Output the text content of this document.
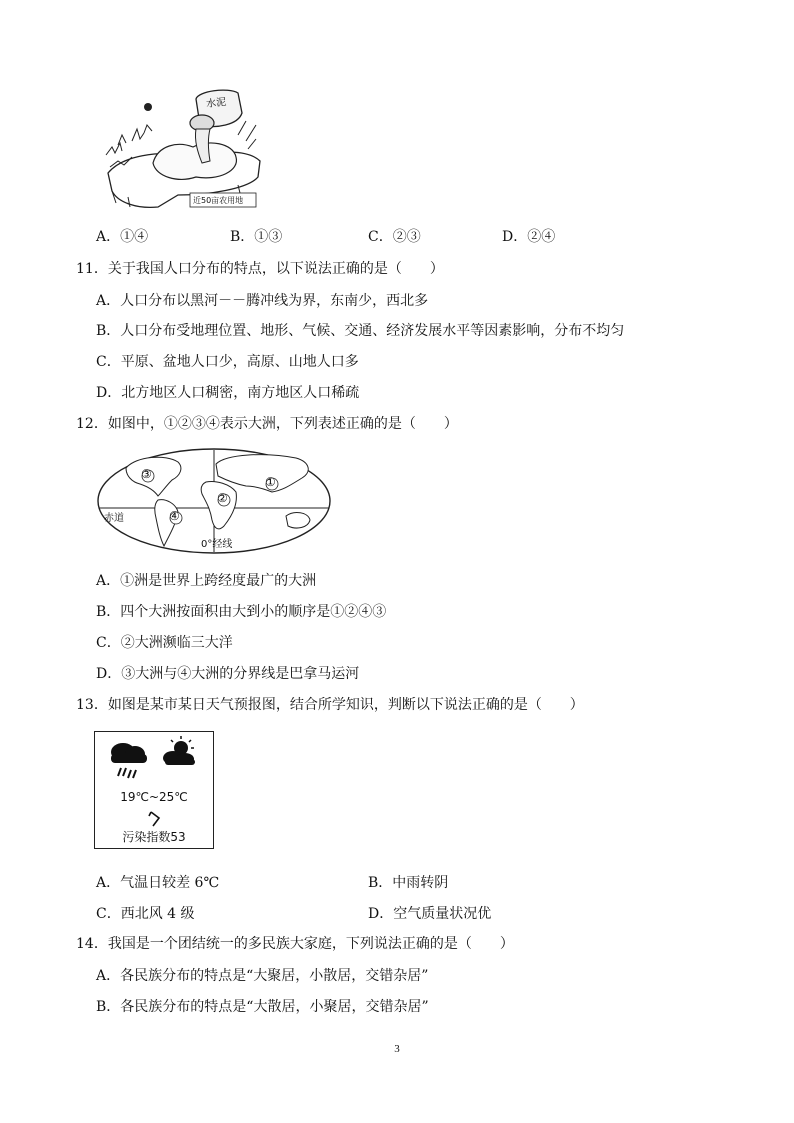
水泥
近50亩农用地
A．①④	B．①③	C．②③	D．②④
11．关于我国人口分布的特点，以下说法正确的是（　　）
A．人口分布以黑河－－腾冲线为界，东南少，西北多
B．人口分布受地理位置、地形、气候、交通、经济发展水平等因素影响，分布不均匀
C．平原、盆地人口少，高原、山地人口多
D．北方地区人口稠密，南方地区人口稀疏
12．如图中，①②③④表示大洲，下列表述正确的是（　　）
①
②
③
④
赤道
0°经线
A．①洲是世界上跨经度最广的大洲
B．四个大洲按面积由大到小的顺序是①②④③
C．②大洲濒临三大洋
D．③大洲与④大洲的分界线是巴拿马运河
13．如图是某市某日天气预报图，结合所学知识，判断以下说法正确的是（　　）
19℃~25℃
污染指数53
A．气温日较差 6℃	B．中雨转阴
C．西北风 4 级	D．空气质量状况优
14．我国是一个团结统一的多民族大家庭，下列说法正确的是（　　）
A．各民族分布的特点是“大聚居，小散居，交错杂居”
B．各民族分布的特点是“大散居，小聚居，交错杂居”
3
